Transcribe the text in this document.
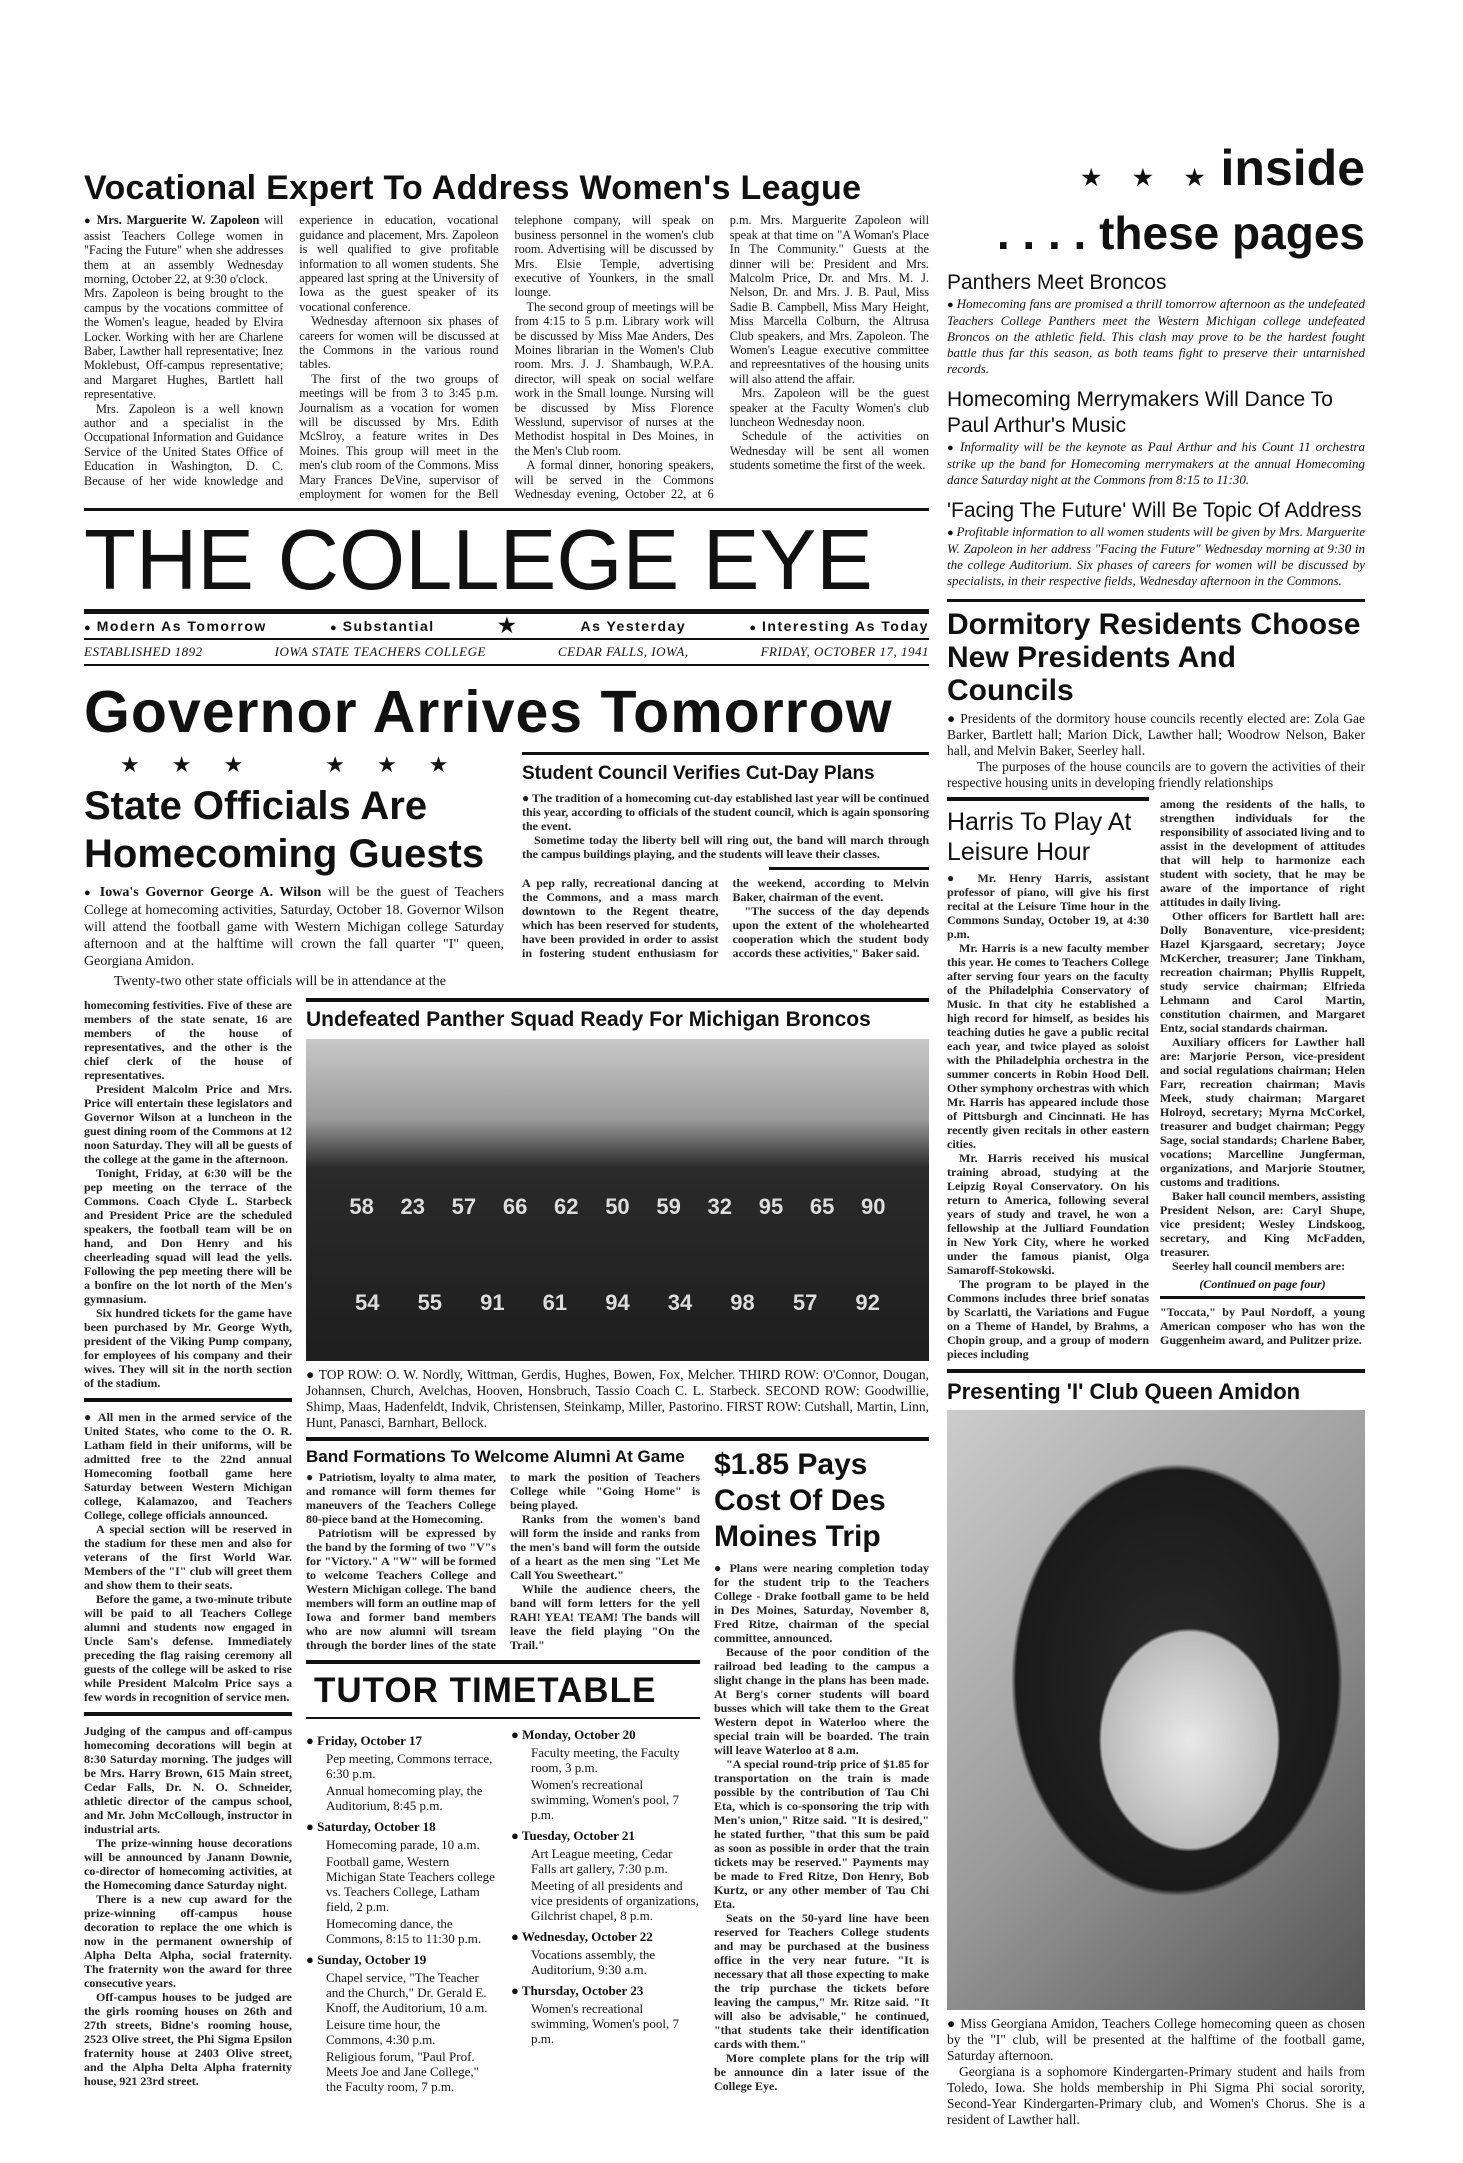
Vocational Expert To Address Women's League

● Mrs. Marguerite W. Zapoleon will assist Teachers College women in "Facing the Future" when she addresses them at an assembly Wednesday morning, October 22, at 9:30 o'clock.

Mrs. Zapoleon is being brought to the campus by the vocations committee of the Women's league, headed by Elvira Locker. Working with her are Charlene Baber, Lawther hall representative; Inez Moklebust, Off-campus representative; and Margaret Hughes, Bartlett hall representative.

Mrs. Zapoleon is a well known author and a specialist in the Occupational Information and Guidance Service of the United States Office of Education in Washington, D. C. Because of her wide knowledge and experience in education, vocational guidance and placement, Mrs. Zapoleon is well qualified to give profitable information to all women students. She appeared last spring at the University of Iowa as the guest speaker of its vocational conference.

Wednesday afternoon six phases of careers for women will be discussed at the Commons in the various round tables.

The first of the two groups of meetings will be from 3 to 3:45 p.m. Journalism as a vocation for women will be discussed by Mrs. Edith McSlroy, a feature writes in Des Moines. This group will meet in the men's club room of the Commons. Miss Mary Frances DeVine, supervisor of employment for women for the Bell telephone company, will speak on business personnel in the women's club room. Advertising will be discussed by Mrs. Elsie Temple, advertising executive of Younkers, in the small lounge.

The second group of meetings will be from 4:15 to 5 p.m. Library work will be discussed by Miss Mae Anders, Des Moines librarian in the Women's Club room. Mrs. J. J. Shambaugh, W.P.A. director, will speak on social welfare work in the Small lounge. Nursing will be discussed by Miss Florence Wesslund, supervisor of nurses at the Methodist hospital in Des Moines, in the Men's Club room.

A formal dinner, honoring speakers, will be served in the Commons Wednesday evening, October 22, at 6 p.m. Mrs. Marguerite Zapoleon will speak at that time on "A Woman's Place In The Community." Guests at the dinner will be: President and Mrs. Malcolm Price, Dr. and Mrs. M. J. Nelson, Dr. and Mrs. J. B. Paul, Miss Sadie B. Campbell, Miss Mary Height, Miss Marcella Colburn, the Altrusa Club speakers, and Mrs. Zapoleon. The Women's League executive committee and repreesntatives of the housing units will also attend the affair.

Mrs. Zapoleon will be the guest speaker at the Faculty Women's club luncheon Wednesday noon.

Schedule of the activities on Wednesday will be sent all women students sometime the first of the week.

THE COLLEGE EYE
● Modern As Tomorrow	● Substantial	★	As Yesterday	● Interesting As Today
ESTABLISHED 1892	IOWA STATE TEACHERS COLLEGE	CEDAR FALLS, IOWA,	FRIDAY, OCTOBER 17, 1941
Governor Arrives Tomorrow
★ ★ ★	★ ★ ★
State Officials Are
Homecoming Guests

● Iowa's Governor George A. Wilson will be the guest of Teachers College at homecoming activities, Saturday, October 18. Governor Wilson will attend the football game with Western Michigan college Saturday afternoon and at the halftime will crown the fall quarter "I" queen, Georgiana Amidon.

Twenty-two other state officials will be in attendance at the

Student Council Verifies Cut-Day Plans

● The tradition of a homecoming cut-day established last year will be continued this year, according to officials of the student council, which is again sponsoring the event.

Sometime today the liberty bell will ring out, the band will march through the campus buildings playing, and the students will leave their classes.

A pep rally, recreational dancing at the Commons, and a mass march downtown to the Regent theatre, which has been reserved for students, have been provided in order to assist in fostering student enthusiasm for the weekend, according to Melvin Baker, chairman of the event.

"The success of the day depends upon the extent of the wholehearted cooperation which the student body accords these activities," Baker said.

homecoming festivities. Five of these are members of the state senate, 16 are members of the house of representatives, and the other is the chief clerk of the house of representatives.

President Malcolm Price and Mrs. Price will entertain these legislators and Governor Wilson at a luncheon in the guest dining room of the Commons at 12 noon Saturday. They will all be guests of the college at the game in the afternoon.

Tonight, Friday, at 6:30 will be the pep meeting on the terrace of the Commons. Coach Clyde L. Starbeck and President Price are the scheduled speakers, the football team will be on hand, and Don Henry and his cheerleading squad will lead the yells. Following the pep meeting there will be a bonfire on the lot north of the Men's gymnasium.

Six hundred tickets for the game have been purchased by Mr. George Wyth, president of the Viking Pump company, for employees of his company and their wives. They will sit in the north section of the stadium.

● All men in the armed service of the United States, who come to the O. R. Latham field in their uniforms, will be admitted free to the 22nd annual Homecoming football game here Saturday between Western Michigan college, Kalamazoo, and Teachers College, college officials announced.

A special section will be reserved in the stadium for these men and also for veterans of the first World War. Members of the "I" club will greet them and show them to their seats.

Before the game, a two-minute tribute will be paid to all Teachers College alumni and students now engaged in Uncle Sam's defense. Immediately preceding the flag raising ceremony all guests of the college will be asked to rise while President Malcolm Price says a few words in recognition of service men.

Judging of the campus and off-campus homecoming decorations will begin at 8:30 Saturday morning. The judges will be Mrs. Harry Brown, 615 Main street, Cedar Falls, Dr. N. O. Schneider, athletic director of the campus school, and Mr. John McCollough, instructor in industrial arts.

The prize-winning house decorations will be announced by Janann Downie, co-director of homecoming activities, at the Homecoming dance Saturday night.

There is a new cup award for the prize-winning off-campus house decoration to replace the one which is now in the permanent ownership of Alpha Delta Alpha, social fraternity. The fraternity won the award for three consecutive years.

Off-campus houses to be judged are the girls rooming houses on 26th and 27th streets, Bidne's rooming house, 2523 Olive street, the Phi Sigma Epsilon fraternity house at 2403 Olive street, and the Alpha Delta Alpha fraternity house, 921 23rd street.

Undefeated Panther Squad Ready For Michigan Broncos
58	23	57	66	62	50	59	32	95	65	90
54	55	91	61	94	34	98	57	92
● TOP ROW: O. W. Nordly, Wittman, Gerdis, Hughes, Bowen, Fox, Melcher. THIRD ROW: O'Connor, Dougan, Johannsen, Church, Avelchas, Hooven, Honsbruch, Tassio Coach C. L. Starbeck. SECOND ROW: Goodwillie, Shimp, Maas, Hadenfeldt, Indvik, Christensen, Steinkamp, Miller, Pastorino. FIRST ROW: Cutshall, Martin, Linn, Hunt, Panasci, Barnhart, Bellock.
Band Formations To Welcome Alumni At Game

● Patriotism, loyalty to alma mater, and romance will form themes for maneuvers of the Teachers College 80-piece band at the Homecoming.

Patriotism will be expressed by the band by the forming of two "V"s for "Victory." A "W" will be formed to welcome Teachers College and Western Michigan college. The band members will form an outline map of Iowa and former band members who are now alumni will tsream through the border lines of the state to mark the position of Teachers College while "Going Home" is being played.

Ranks from the women's band will form the inside and ranks from the men's band will form the outside of a heart as the men sing "Let Me Call You Sweetheart."

While the audience cheers, the band will form letters for the yell RAH! YEA! TEAM! The bands will leave the field playing "On the Trail."

TUTOR TIMETABLE
● Friday, October 17
Pep meeting, Commons terrace, 6:30 p.m.
Annual homecoming play, the Auditorium, 8:45 p.m.
● Saturday, October 18
Homecoming parade, 10 a.m.
Football game, Western Michigan State Teachers college vs. Teachers College, Latham field, 2 p.m.
Homecoming dance, the Commons, 8:15 to 11:30 p.m.
● Sunday, October 19
Chapel service, "The Teacher and the Church," Dr. Gerald E. Knoff, the Auditorium, 10 a.m.
Leisure time hour, the Commons, 4:30 p.m.
Religious forum, "Paul Prof. Meets Joe and Jane College," the Faculty room, 7 p.m.
● Monday, October 20
Faculty meeting, the Faculty room, 3 p.m.
Women's recreational swimming, Women's pool, 7 p.m.
● Tuesday, October 21
Art League meeting, Cedar Falls art gallery, 7:30 p.m.
Meeting of all presidents and vice presidents of organizations, Gilchrist chapel, 8 p.m.
● Wednesday, October 22
Vocations assembly, the Auditorium, 9:30 a.m.
● Thursday, October 23
Women's recreational swimming, Women's pool, 7 p.m.
$1.85 Pays Cost Of Des Moines Trip

● Plans were nearing completion today for the student trip to the Teachers College - Drake football game to be held in Des Moines, Saturday, November 8, Fred Ritze, chairman of the special committee, announced.

Because of the poor condition of the railroad bed leading to the campus a slight change in the plans has been made. At Berg's corner students will board busses which will take them to the Great Western depot in Waterloo where the special train will be boarded. The train will leave Waterloo at 8 a.m.

"A special round-trip price of $1.85 for transportation on the train is made possible by the contribution of Tau Chi Eta, which is co-sponsoring the trip with Men's union," Ritze said. "It is desired," he stated further, "that this sum be paid as soon as possible in order that the train tickets may be reserved." Payments may be made to Fred Ritze, Don Henry, Bob Kurtz, or any other member of Tau Chi Eta.

Seats on the 50-yard line have been reserved for Teachers College students and may be purchased at the business office in the very near future. "It is necessary that all those expecting to make the trip purchase the tickets before leaving the campus," Mr. Ritze said. "It will also be advisable," he continued, "that students take their identification cards with them."

More complete plans for the trip will be announce din a later issue of the College Eye.

★ ★ ★ inside
. . . . these pages
Panthers Meet Broncos

● Homecoming fans are promised a thrill tomorrow afternoon as the undefeated Teachers College Panthers meet the Western Michigan college undefeated Broncos on the athletic field. This clash may prove to be the hardest fought battle thus far this season, as both teams fight to preserve their untarnished records.

Homecoming Merrymakers Will Dance To Paul Arthur's Music

● Informality will be the keynote as Paul Arthur and his Count 11 orchestra strike up the band for Homecoming merrymakers at the annual Homecoming dance Saturday night at the Commons from 8:15 to 11:30.

'Facing The Future' Will Be Topic Of Address

● Profitable information to all women students will be given by Mrs. Marguerite W. Zapoleon in her address "Facing the Future" Wednesday morning at 9:30 in the college Auditorium. Six phases of careers for women will be discussed by specialists, in their respective fields, Wednesday afternoon in the Commons.

Dormitory Residents Choose New Presidents And Councils

● Presidents of the dormitory house councils recently elected are: Zola Gae Barker, Bartlett hall; Marion Dick, Lawther hall; Woodrow Nelson, Baker hall, and Melvin Baker, Seerley hall.

The purposes of the house councils are to govern the activities of their respective housing units in developing friendly relationships

Harris To Play At Leisure Hour

● Mr. Henry Harris, assistant professor of piano, will give his first recital at the Leisure Time hour in the Commons Sunday, October 19, at 4:30 p.m.

Mr. Harris is a new faculty member this year. He comes to Teachers College after serving four years on the faculty of the Philadelphia Conservatory of Music. In that city he established a high record for himself, as besides his teaching duties he gave a public recital each year, and twice played as soloist with the Philadelphia orchestra in the summer concerts in Robin Hood Dell. Other symphony orchestras with which Mr. Harris has appeared include those of Pittsburgh and Cincinnati. He has recently given recitals in other eastern cities.

Mr. Harris received his musical training abroad, studying at the Leipzig Royal Conservatory. On his return to America, following several years of study and travel, he won a fellowship at the Julliard Foundation in New York City, where he worked under the famous pianist, Olga Samaroff-Stokowski.

The program to be played in the Commons includes three brief sonatas by Scarlatti, the Variations and Fugue on a Theme of Handel, by Brahms, a Chopin group, and a group of modern pieces including

among the residents of the halls, to strengthen individuals for the responsibility of associated living and to assist in the development of attitudes that will help to harmonize each student with society, that he may be aware of the importance of right attitudes in daily living.

Other officers for Bartlett hall are: Dolly Bonaventure, vice-president; Hazel Kjarsgaard, secretary; Joyce McKercher, treasurer; Jane Tinkham, recreation chairman; Phyllis Ruppelt, study service chairman; Elfrieda Lehmann and Carol Martin, constitution chairmen, and Margaret Entz, social standards chairman.

Auxiliary officers for Lawther hall are: Marjorie Person, vice-president and social regulations chairman; Helen Farr, recreation chairman; Mavis Meek, study chairman; Margaret Holroyd, secretary; Myrna McCorkel, treasurer and budget chairman; Peggy Sage, social standards; Charlene Baber, vocations; Marcelline Jungferman, organizations, and Marjorie Stoutner, customs and traditions.

Baker hall council members, assisting President Nelson, are: Caryl Shupe, vice president; Wesley Lindskoog, secretary, and King McFadden, treasurer.

Seerley hall council members are:

(Continued on page four)

"Toccata," by Paul Nordoff, a young American composer who has won the Guggenheim award, and Pulitzer prize.

Presenting 'I' Club Queen Amidon

● Miss Georgiana Amidon, Teachers College homecoming queen as chosen by the "I" club, will be presented at the halftime of the football game, Saturday afternoon.

Georgiana is a sophomore Kindergarten-Primary student and hails from Toledo, Iowa. She holds membership in Phi Sigma Phi social sorority, Second-Year Kindergarten-Primary club, and Women's Chorus. She is a resident of Lawther hall.
